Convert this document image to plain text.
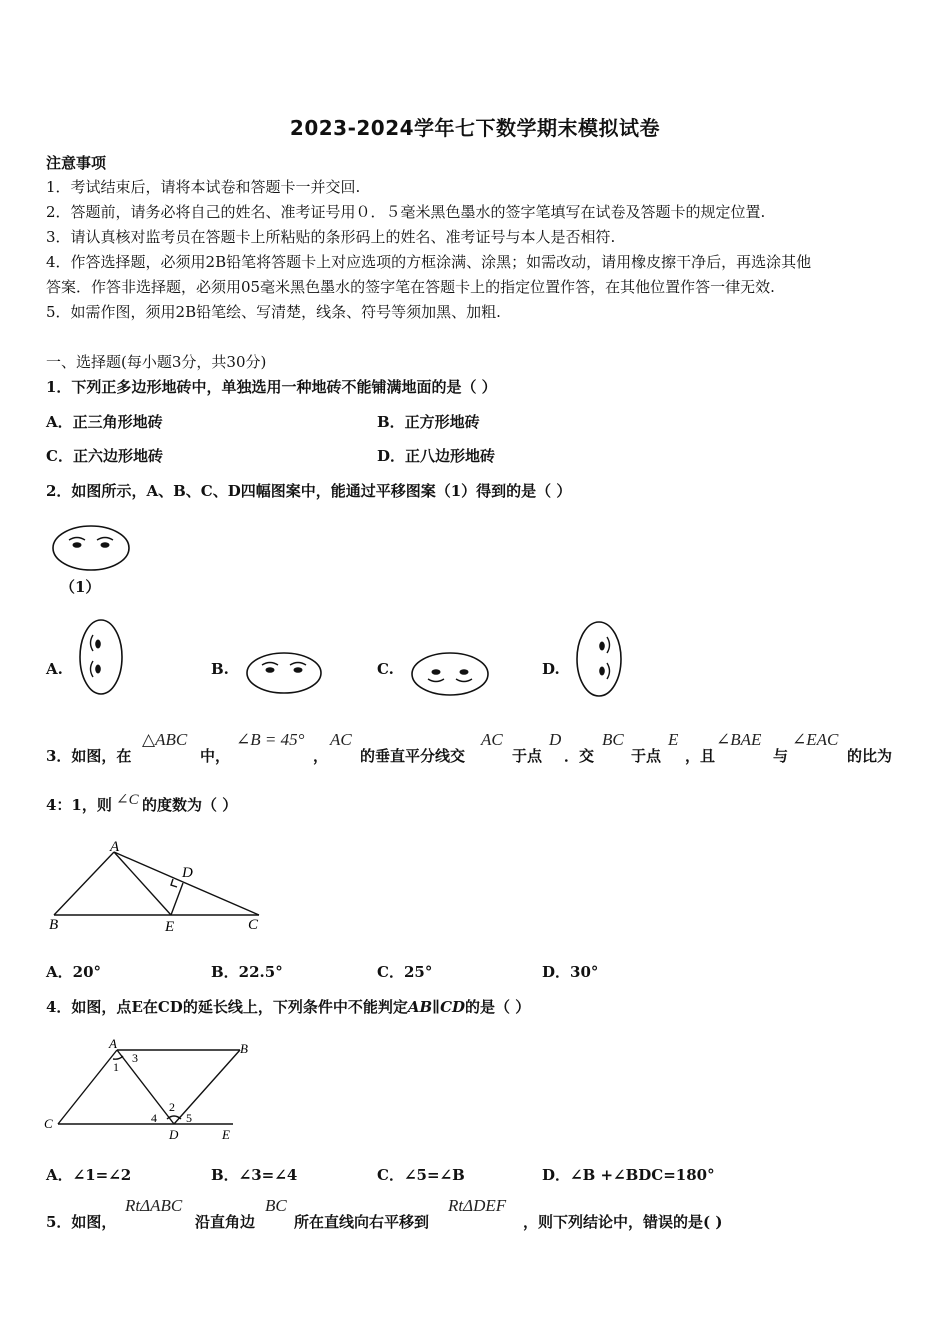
2023-2024学年七下数学期末模拟试卷
注意事项
1．考试结束后，请将本试卷和答题卡一并交回.
2．答题前，请务必将自己的姓名、准考证号用０．５毫米黑色墨水的签字笔填写在试卷及答题卡的规定位置.
3．请认真核对监考员在答题卡上所粘贴的条形码上的姓名、准考证号与本人是否相符.
4．作答选择题，必须用2B铅笔将答题卡上对应选项的方框涂满、涂黑；如需改动，请用橡皮擦干净后，再选涂其他
答案．作答非选择题，必须用05毫米黑色墨水的签字笔在答题卡上的指定位置作答，在其他位置作答一律无效.
5．如需作图，须用2B铅笔绘、写清楚，线条、符号等须加黑、加粗.
一、选择题(每小题3分，共30分)
1．下列正多边形地砖中，单独选用一种地砖不能铺满地面的是（ ）
A．正三角形地砖	B．正方形地砖
C．正六边形地砖	D．正八边形地砖
2．如图所示，A、B、C、D四幅图案中，能通过平移图案（1）得到的是（ ）
（1）
A.	B.	C.	D.
3．如图，在
△ABC
中，
∠B = 45°
，
AC
的垂直平分线交
AC
于点
D
．交
BC
于点
E
，且
∠BAE
与
∠EAC
的比为
4：1，则 ∠C 的度数为（ ）
A
B	E	C
D
A．20°	B．22.5°	C．25°	D．30°
4．如图，点E在CD的延长线上，下列条件中不能判定AB∥CD的是（ ）
A	B
C
D	E
1
2
3
4 5
A．∠1=∠2	B．∠3=∠4	C．∠5=∠B	D．∠B +∠BDC=180°
5．如图，
RtΔABC
沿直角边
BC
所在直线向右平移到
RtΔDEF
，则下列结论中，错误的是( )
